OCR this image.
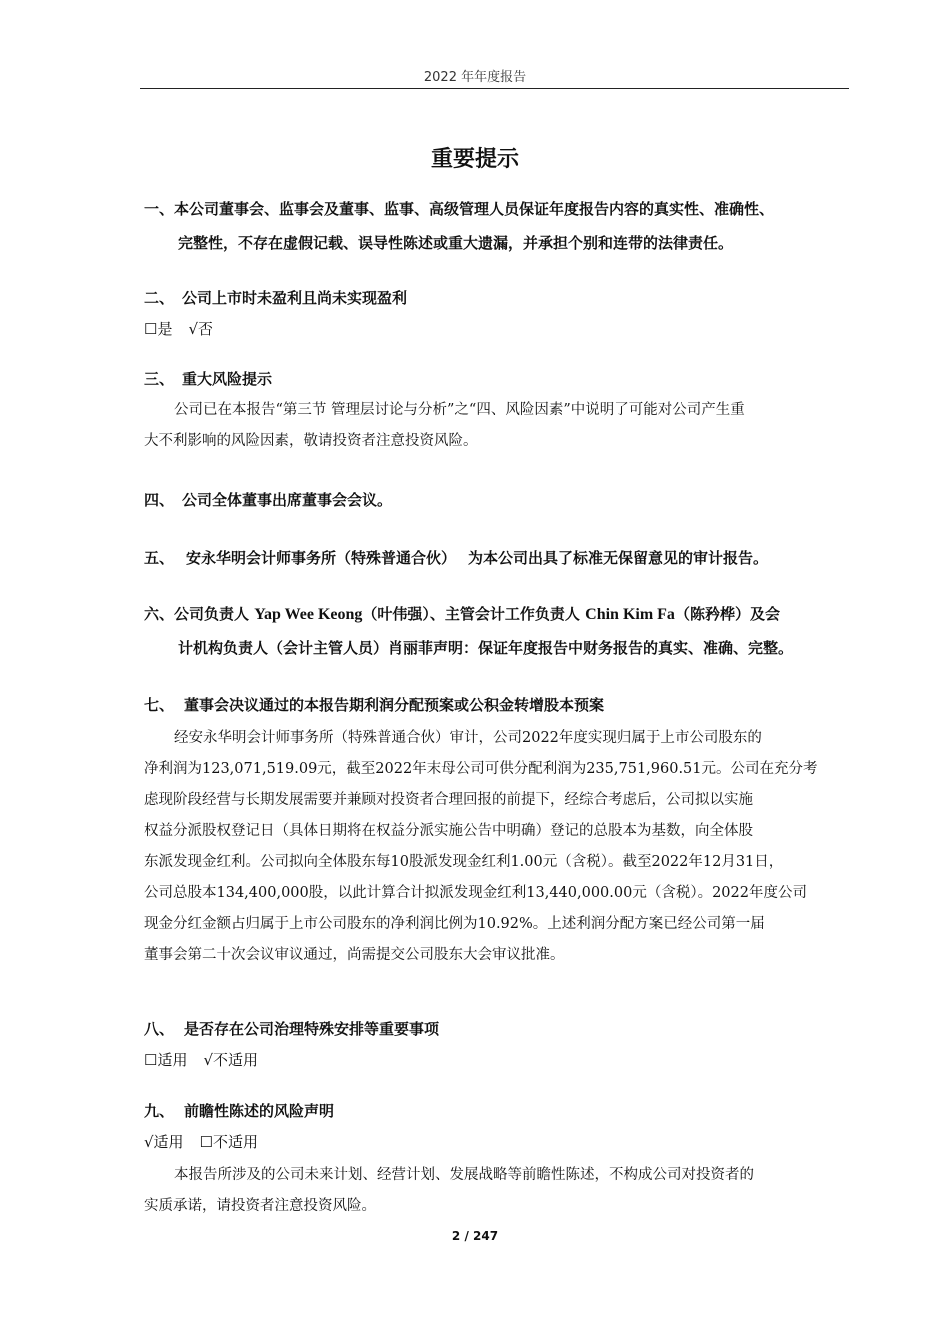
2022 年年度报告
重要提示
一、本公司董事会、监事会及董事、监事、高级管理人员保证年度报告内容的真实性、准确性、
完整性，不存在虚假记载、误导性陈述或重大遗漏，并承担个别和连带的法律责任。
二、 公司上市时未盈利且尚未实现盈利
☐是 √否
三、 重大风险提示
公司已在本报告“第三节 管理层讨论与分析”之“四、风险因素”中说明了可能对公司产生重
大不利影响的风险因素，敬请投资者注意投资风险。
四、 公司全体董事出席董事会会议。
五、 安永华明会计师事务所（特殊普通合伙） 为本公司出具了标准无保留意见的审计报告。
六、公司负责人 Yap Wee Keong（叶伟强）、主管会计工作负责人 Chin Kim Fa（陈矜桦）及会
计机构负责人（会计主管人员）肖丽菲声明：保证年度报告中财务报告的真实、准确、完整。
七、 董事会决议通过的本报告期利润分配预案或公积金转增股本预案
经安永华明会计师事务所（特殊普通合伙）审计，公司2022年度实现归属于上市公司股东的
净利润为123,071,519.09元，截至2022年末母公司可供分配利润为235,751,960.51元。公司在充分考
虑现阶段经营与长期发展需要并兼顾对投资者合理回报的前提下，经综合考虑后，公司拟以实施
权益分派股权登记日（具体日期将在权益分派实施公告中明确）登记的总股本为基数，向全体股
东派发现金红利。公司拟向全体股东每10股派发现金红利1.00元（含税）。截至2022年12月31日，
公司总股本134,400,000股，以此计算合计拟派发现金红利13,440,000.00元（含税）。2022年度公司
现金分红金额占归属于上市公司股东的净利润比例为10.92%。上述利润分配方案已经公司第一届
董事会第二十次会议审议通过，尚需提交公司股东大会审议批准。
八、 是否存在公司治理特殊安排等重要事项
☐适用 √不适用
九、 前瞻性陈述的风险声明
√适用 ☐不适用
本报告所涉及的公司未来计划、经营计划、发展战略等前瞻性陈述，不构成公司对投资者的
实质承诺，请投资者注意投资风险。
2 / 247
